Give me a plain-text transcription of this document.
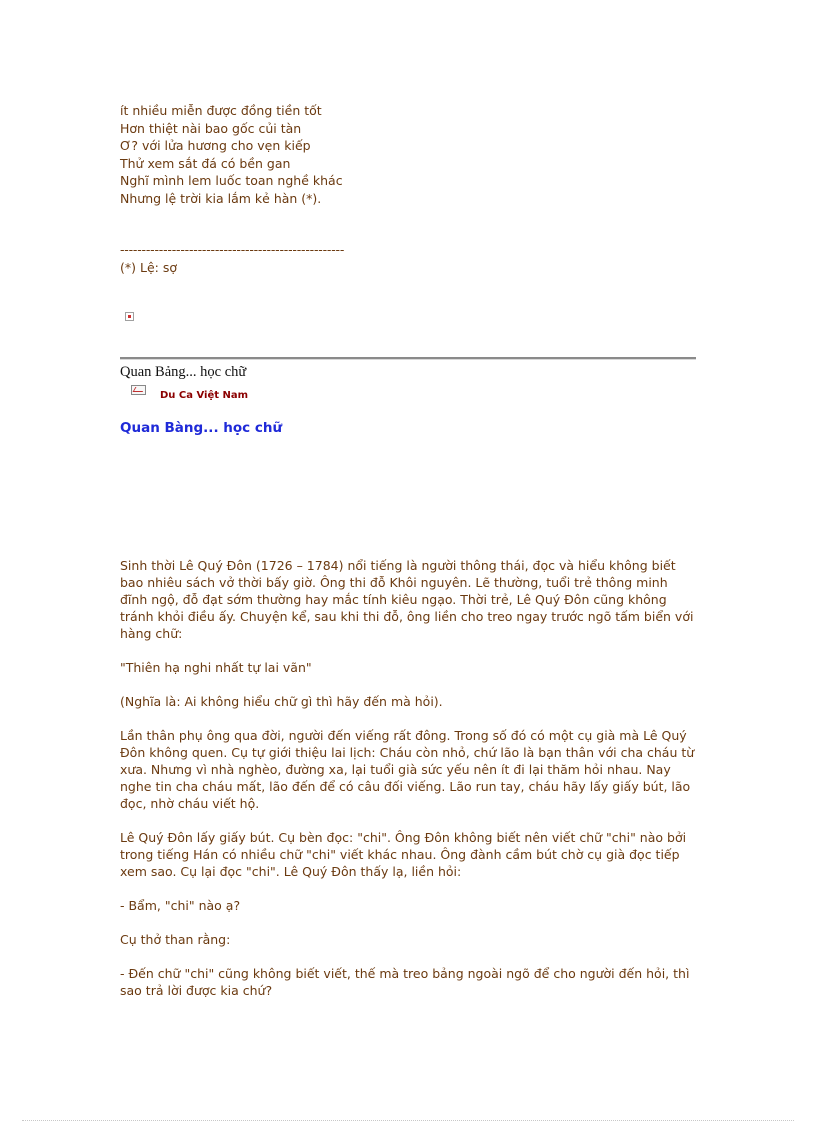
ít nhiều miễn được đồng tiền tốt
Hơn thiệt nài bao gốc củi tàn
Ơ? với lửa hương cho vẹn kiếp
Thử xem sắt đá có bền gan
Nghĩ mình lem luốc toan nghề khác
Nhưng lệ trời kia lắm kẻ hàn (*).
----------------------------------------------------
(*) Lệ: sợ
Quan Bảng... học chữ
Du Ca Việt Nam
Quan Bàng... học chữ

Sinh thời Lê Quý Đôn (1726 – 1784) nổi tiếng là người thông thái, đọc và hiểu không biết bao nhiêu sách vở thời bấy giờ. Ông thi đỗ Khôi nguyên. Lẽ thường, tuổi trẻ thông minh đĩnh ngộ, đỗ đạt sớm thường hay mắc tính kiêu ngạo. Thời trẻ, Lê Quý Đôn cũng không tránh khỏi điều ấy. Chuyện kể, sau khi thi đỗ, ông liền cho treo ngay trước ngõ tấm biển với hàng chữ:

"Thiên hạ nghi nhất tự lai vãn"

(Nghĩa là: Ai không hiểu chữ gì thì hãy đến mà hỏi).

Lần thân phụ ông qua đời, người đến viếng rất đông. Trong số đó có một cụ già mà Lê Quý Đôn không quen. Cụ tự giới thiệu lai lịch: Cháu còn nhỏ, chứ lão là bạn thân với cha cháu từ xưa. Nhưng vì nhà nghèo, đường xa, lại tuổi già sức yếu nên ít đi lại thăm hỏi nhau. Nay nghe tin cha cháu mất, lão đến để có câu đối viếng. Lão run tay, cháu hãy lấy giấy bút, lão đọc, nhờ cháu viết hộ.

Lê Quý Đôn lấy giấy bút. Cụ bèn đọc: "chi". Ông Đôn không biết nên viết chữ "chi" nào bởi trong tiếng Hán có nhiều chữ "chi" viết khác nhau. Ông đành cầm bút chờ cụ già đọc tiếp xem sao. Cụ lại đọc "chi". Lê Quý Đôn thấy lạ, liền hỏi:

- Bẩm, "chi" nào ạ?

Cụ thở than rằng:

- Đến chữ "chi" cũng không biết viết, thế mà treo bảng ngoài ngõ để cho người đến hỏi, thì sao trả lời được kia chứ?
